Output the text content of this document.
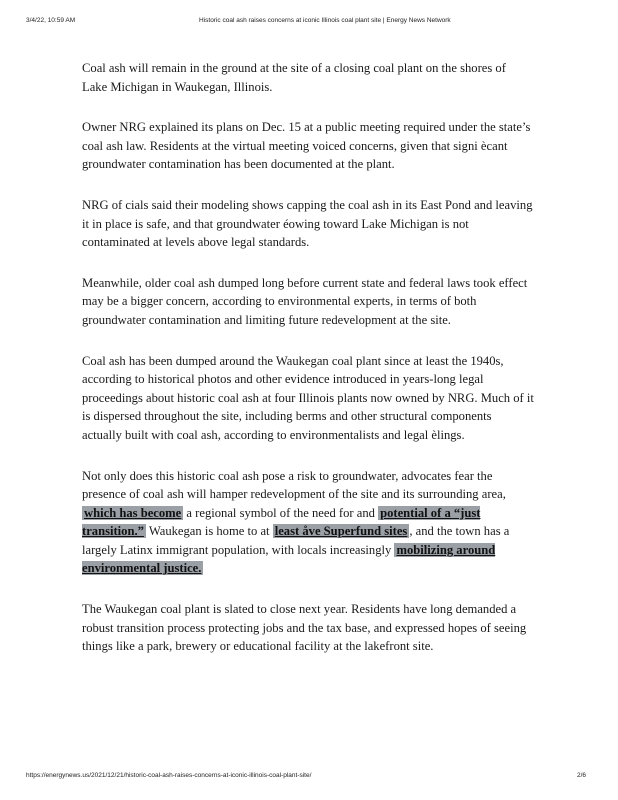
3/4/22, 10:59 AM	Historic coal ash raises concerns at iconic Illinois coal plant site | Energy News Network

Coal ash will remain in the ground at the site of a closing coal plant on the shores of Lake Michigan in Waukegan, Illinois.

Owner NRG explained its plans on Dec. 15 at a public meeting required under the state’s coal ash law. Residents at the virtual meeting voiced concerns, given that signi ècant groundwater contamination has been documented at the plant.

NRG of cials said their modeling shows capping the coal ash in its East Pond and leaving it in place is safe, and that groundwater éowing toward Lake Michigan is not contaminated at levels above legal standards.

Meanwhile, older coal ash dumped long before current state and federal laws took effect may be a bigger concern, according to environmental experts, in terms of both groundwater contamination and limiting future redevelopment at the site.

Coal ash has been dumped around the Waukegan coal plant since at least the 1940s, according to historical photos and other evidence introduced in years-long legal proceedings about historic coal ash at four Illinois plants now owned by NRG. Much of it is dispersed throughout the site, including berms and other structural components actually built with coal ash, according to environmentalists and legal èlings.

Not only does this historic coal ash pose a risk to groundwater, advocates fear the presence of coal ash will hamper redevelopment of the site and its surrounding area, which has become a regional symbol of the need for and potential of a “just transition.” Waukegan is home to at least åve Superfund sites , and the town has a largely Latinx immigrant population, with locals increasingly mobilizing around environmental justice.

The Waukegan coal plant is slated to close next year. Residents have long demanded a robust transition process protecting jobs and the tax base, and expressed hopes of seeing things like a park, brewery or educational facility at the lakefront site.

https://energynews.us/2021/12/21/historic-coal-ash-raises-concerns-at-iconic-illinois-coal-plant-site/	2/6
